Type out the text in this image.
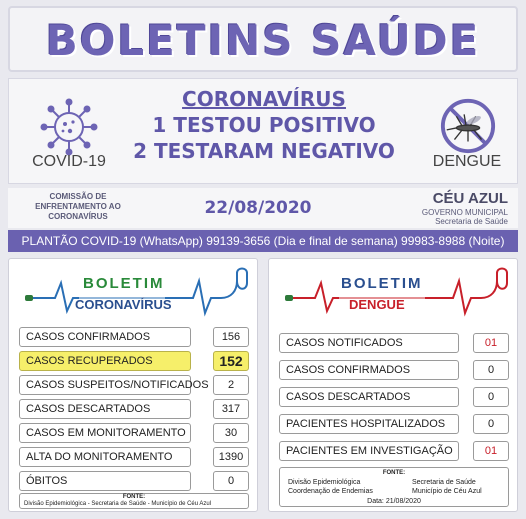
BOLETINS SAÚDE
COVID-19
CORONAVÍRUS
1 TESTOU POSITIVO
2 TESTARAM NEGATIVO	DENGUE
COMISSÃO DE ENFRENTAMENTO AO CORONAVÍRUS	22/08/2020	CÉU AZUL
GOVERNO MUNICIPAL
Secretaria de Saúde
PLANTÃO COVID-19 (WhatsApp) 99139-3656 (Dia e final de semana) 99983-8988 (Noite)
BOLETIM
CORONAVÍRUS
CASOS CONFIRMADOS	156
CASOS RECUPERADOS	152
CASOS SUSPEITOS/NOTIFICADOS	2
CASOS DESCARTADOS	317
CASOS EM MONITORAMENTO	30
ALTA DO MONITORAMENTO	1390
ÓBITOS	0
FONTE:
Divisão Epidemiológica - Secretaria de Saúde - Município de Céu Azul
BOLETIM
DENGUE
CASOS NOTIFICADOS	01
CASOS CONFIRMADOS	0
CASOS DESCARTADOS	0
PACIENTES HOSPITALIZADOS	0
PACIENTES EM INVESTIGAÇÃO	01
FONTE:
Divisão Epidemiológica
Coordenação de Endemias
Secretaria de Saúde
Município de Céu Azul
Data: 21/08/2020
